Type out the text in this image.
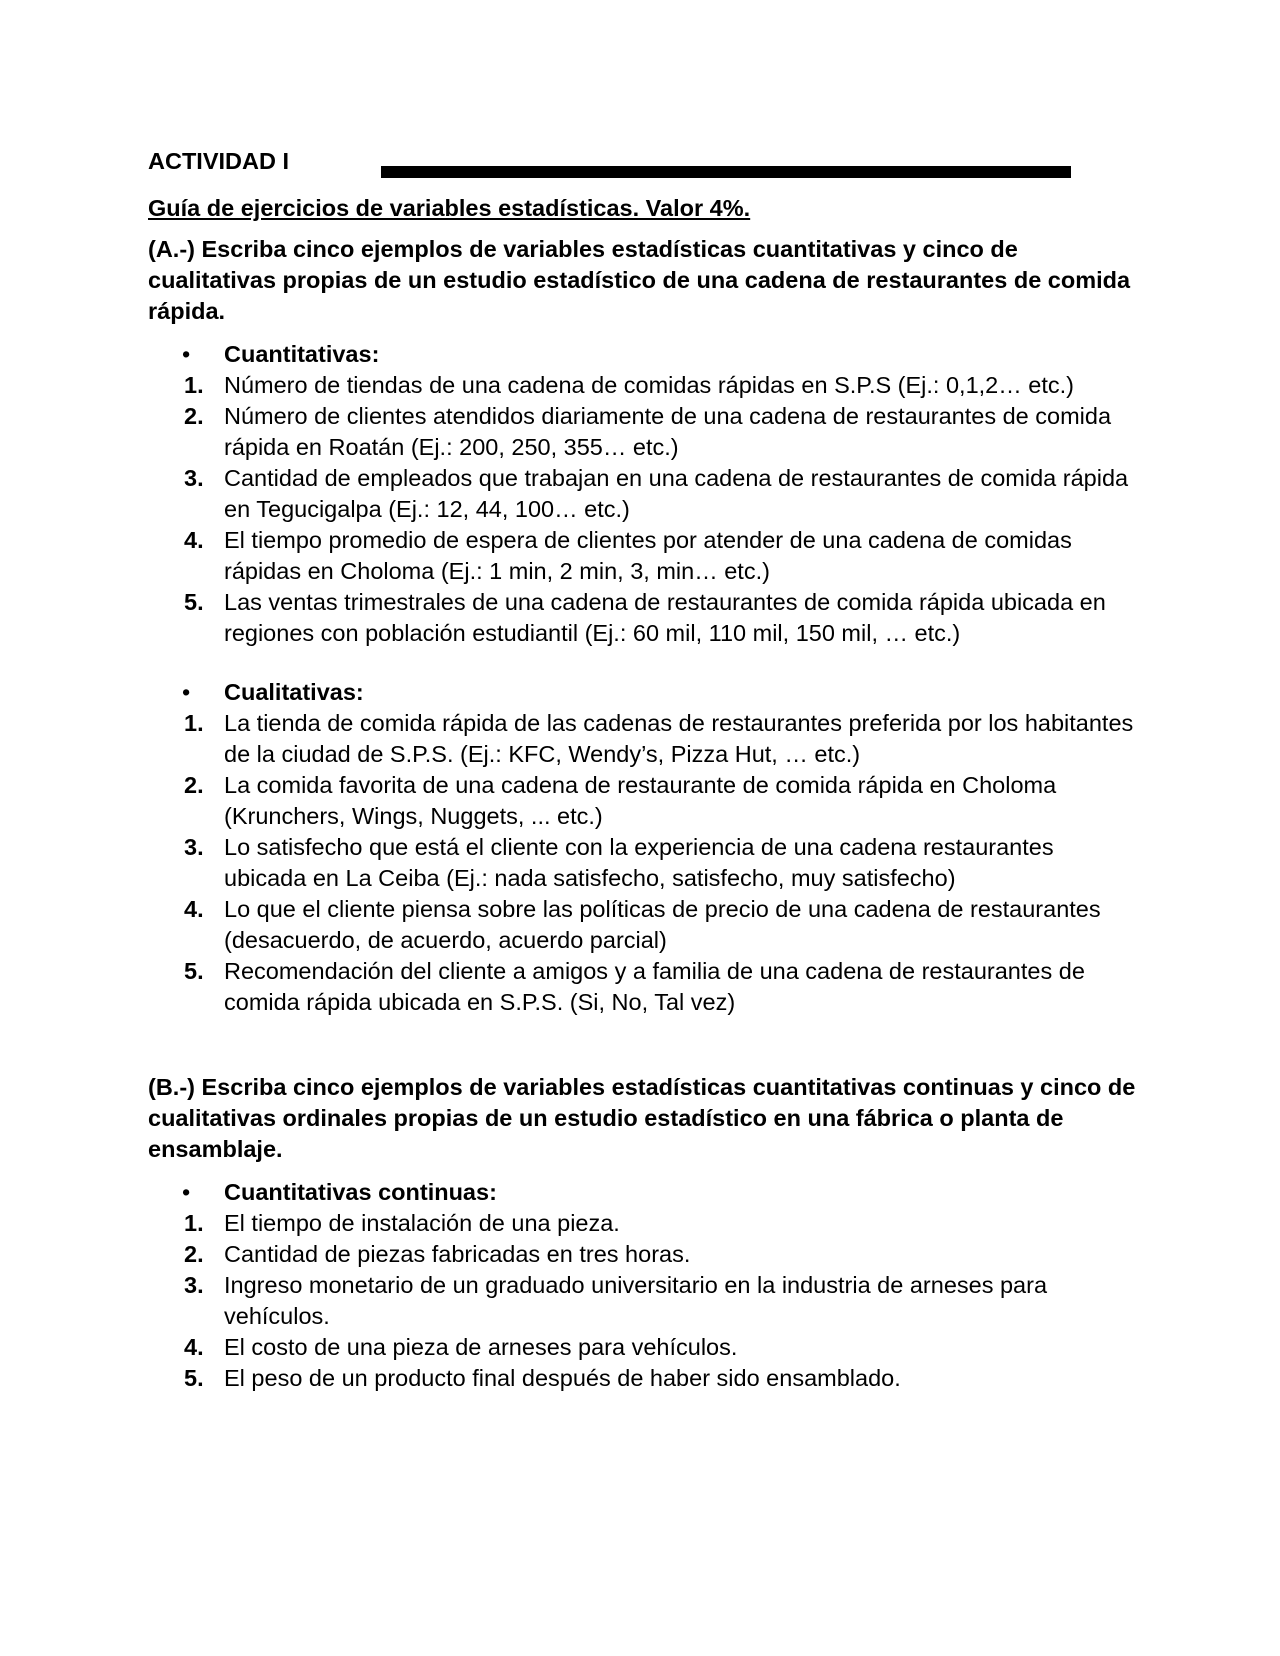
ACTIVIDAD I
Guía de ejercicios de variables estadísticas. Valor 4%.
(A.-) Escriba cinco ejemplos de variables estadísticas cuantitativas y cinco de cualitativas propias de un estudio estadístico de una cadena de restaurantes de comida rápida.
• Cuantitativas:
1. Número de tiendas de una cadena de comidas rápidas en S.P.S (Ej.: 0,1,2… etc.)
2. Número de clientes atendidos diariamente de una cadena de restaurantes de comida rápida en Roatán (Ej.: 200, 250, 355… etc.)
3. Cantidad de empleados que trabajan en una cadena de restaurantes de comida rápida en Tegucigalpa (Ej.: 12, 44, 100… etc.)
4. El tiempo promedio de espera de clientes por atender de una cadena de comidas rápidas en Choloma (Ej.: 1 min, 2 min, 3, min… etc.)
5. Las ventas trimestrales de una cadena de restaurantes de comida rápida ubicada en regiones con población estudiantil (Ej.: 60 mil, 110 mil, 150 mil, … etc.)
• Cualitativas:
1. La tienda de comida rápida de las cadenas de restaurantes preferida por los habitantes de la ciudad de S.P.S. (Ej.: KFC, Wendy’s, Pizza Hut, … etc.)
2. La comida favorita de una cadena de restaurante de comida rápida en Choloma (Krunchers, Wings, Nuggets, ... etc.)
3. Lo satisfecho que está el cliente con la experiencia de una cadena restaurantes ubicada en La Ceiba (Ej.: nada satisfecho, satisfecho, muy satisfecho)
4. Lo que el cliente piensa sobre las políticas de precio de una cadena de restaurantes (desacuerdo, de acuerdo, acuerdo parcial)
5. Recomendación del cliente a amigos y a familia de una cadena de restaurantes de comida rápida ubicada en S.P.S. (Si, No, Tal vez)
(B.-) Escriba cinco ejemplos de variables estadísticas cuantitativas continuas y cinco de cualitativas ordinales propias de un estudio estadístico en una fábrica o planta de ensamblaje.
• Cuantitativas continuas:
1. El tiempo de instalación de una pieza.
2. Cantidad de piezas fabricadas en tres horas.
3. Ingreso monetario de un graduado universitario en la industria de arneses para vehículos.
4. El costo de una pieza de arneses para vehículos.
5. El peso de un producto final después de haber sido ensamblado.
